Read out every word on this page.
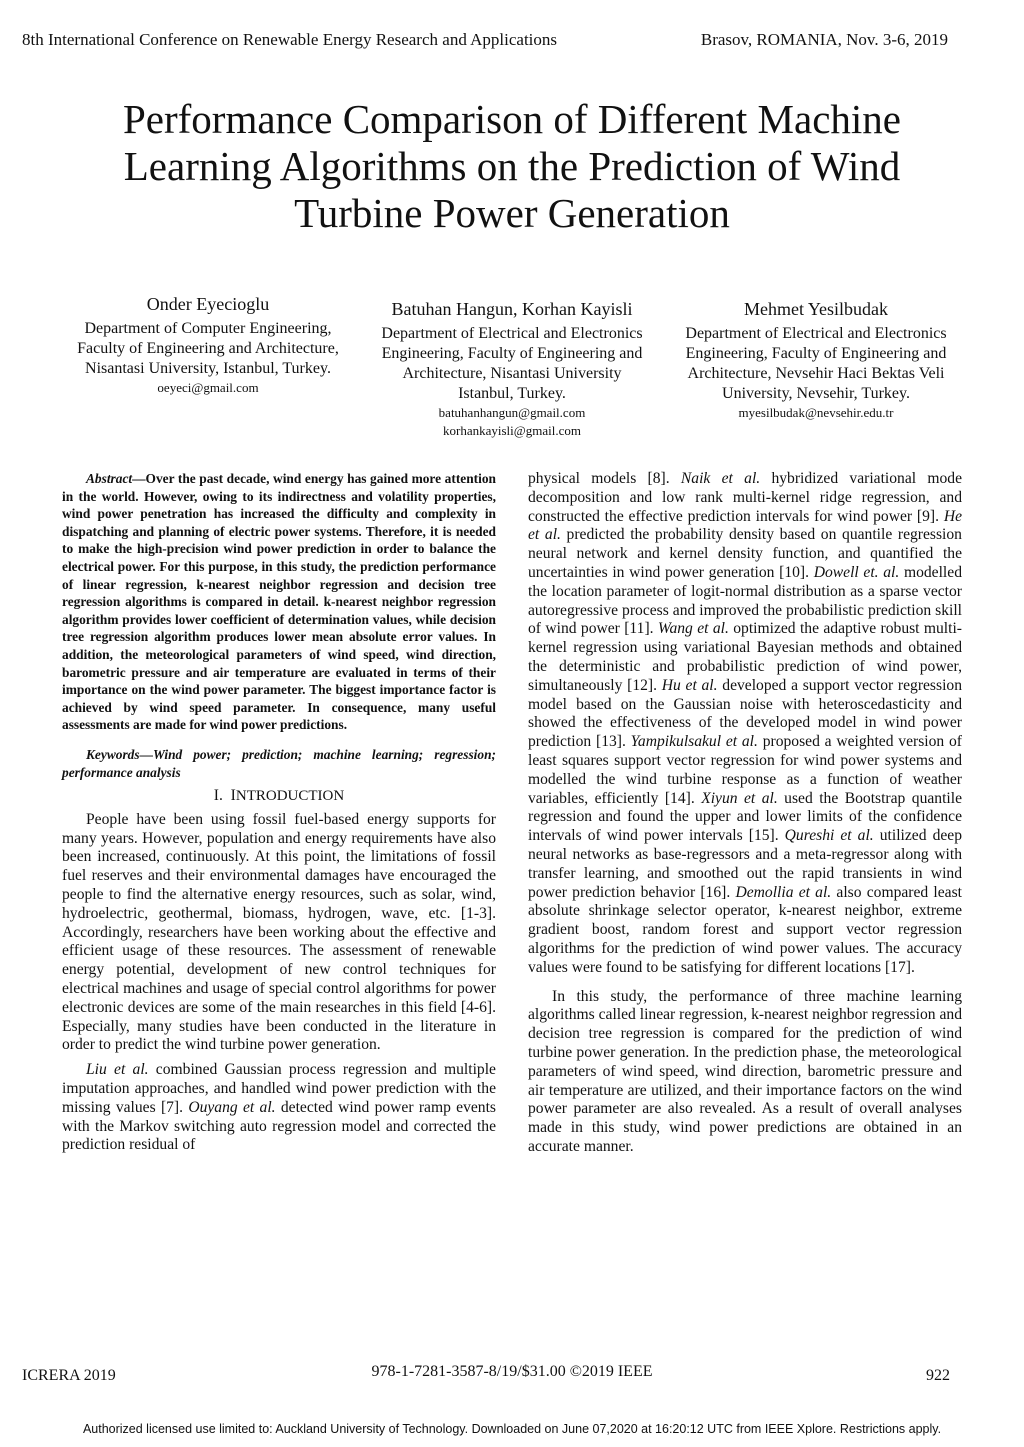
8th International Conference on Renewable Energy Research and Applications	Brasov, ROMANIA, Nov. 3-6, 2019
Performance Comparison of Different Machine
Learning Algorithms on the Prediction of Wind
Turbine Power Generation
Onder Eyecioglu
Department of Computer Engineering,
Faculty of Engineering and Architecture,
Nisantasi University, Istanbul, Turkey.
oeyeci@gmail.com
Batuhan Hangun, Korhan Kayisli
Department of Electrical and Electronics
Engineering, Faculty of Engineering and
Architecture, Nisantasi University
Istanbul, Turkey.
batuhanhangun@gmail.com
korhankayisli@gmail.com
Mehmet Yesilbudak
Department of Electrical and Electronics
Engineering, Faculty of Engineering and
Architecture, Nevsehir Haci Bektas Veli
University, Nevsehir, Turkey.
myesilbudak@nevsehir.edu.tr

Abstract—Over the past decade, wind energy has gained more attention in the world. However, owing to its indirectness and volatility properties, wind power penetration has increased the difficulty and complexity in dispatching and planning of electric power systems. Therefore, it is needed to make the high-precision wind power prediction in order to balance the electrical power. For this purpose, in this study, the prediction performance of linear regression, k-nearest neighbor regression and decision tree regression algorithms is compared in detail. k-nearest neighbor regression algorithm provides lower coefficient of determination values, while decision tree regression algorithm produces lower mean absolute error values. In addition, the meteorological parameters of wind speed, wind direction, barometric pressure and air temperature are evaluated in terms of their importance on the wind power parameter. The biggest importance factor is achieved by wind speed parameter. In consequence, many useful assessments are made for wind power predictions.

Keywords—Wind power; prediction; machine learning; regression; performance analysis

I. INTRODUCTION

People have been using fossil fuel-based energy supports for many years. However, population and energy requirements have also been increased, continuously. At this point, the limitations of fossil fuel reserves and their environmental damages have encouraged the people to find the alternative energy resources, such as solar, wind, hydroelectric, geothermal, biomass, hydrogen, wave, etc. [1-3]. Accordingly, researchers have been working about the effective and efficient usage of these resources. The assessment of renewable energy potential, development of new control techniques for electrical machines and usage of special control algorithms for power electronic devices are some of the main researches in this field [4-6]. Especially, many studies have been conducted in the literature in order to predict the wind turbine power generation.

Liu et al. combined Gaussian process regression and multiple imputation approaches, and handled wind power prediction with the missing values [7]. Ouyang et al. detected wind power ramp events with the Markov switching auto regression model and corrected the prediction residual of

physical models [8]. Naik et al. hybridized variational mode decomposition and low rank multi-kernel ridge regression, and constructed the effective prediction intervals for wind power [9]. He et al. predicted the probability density based on quantile regression neural network and kernel density function, and quantified the uncertainties in wind power generation [10]. Dowell et. al. modelled the location parameter of logit-normal distribution as a sparse vector autoregressive process and improved the probabilistic prediction skill of wind power [11]. Wang et al. optimized the adaptive robust multi-kernel regression using variational Bayesian methods and obtained the deterministic and probabilistic prediction of wind power, simultaneously [12]. Hu et al. developed a support vector regression model based on the Gaussian noise with heteroscedasticity and showed the effectiveness of the developed model in wind power prediction [13]. Yampikulsakul et al. proposed a weighted version of least squares support vector regression for wind power systems and modelled the wind turbine response as a function of weather variables, efficiently [14]. Xiyun et al. used the Bootstrap quantile regression and found the upper and lower limits of the confidence intervals of wind power intervals [15]. Qureshi et al. utilized deep neural networks as base-regressors and a meta-regressor along with transfer learning, and smoothed out the rapid transients in wind power prediction behavior [16]. Demollia et al. also compared least absolute shrinkage selector operator, k-nearest neighbor, extreme gradient boost, random forest and support vector regression algorithms for the prediction of wind power values. The accuracy values were found to be satisfying for different locations [17].

In this study, the performance of three machine learning algorithms called linear regression, k-nearest neighbor regression and decision tree regression is compared for the prediction of wind turbine power generation. In the prediction phase, the meteorological parameters of wind speed, wind direction, barometric pressure and air temperature are utilized, and their importance factors on the wind power parameter are also revealed. As a result of overall analyses made in this study, wind power predictions are obtained in an accurate manner.

ICRERA 2019	978-1-7281-3587-8/19/$31.00 ©2019 IEEE	922
Authorized licensed use limited to: Auckland University of Technology. Downloaded on June 07,2020 at 16:20:12 UTC from IEEE Xplore. Restrictions apply.
